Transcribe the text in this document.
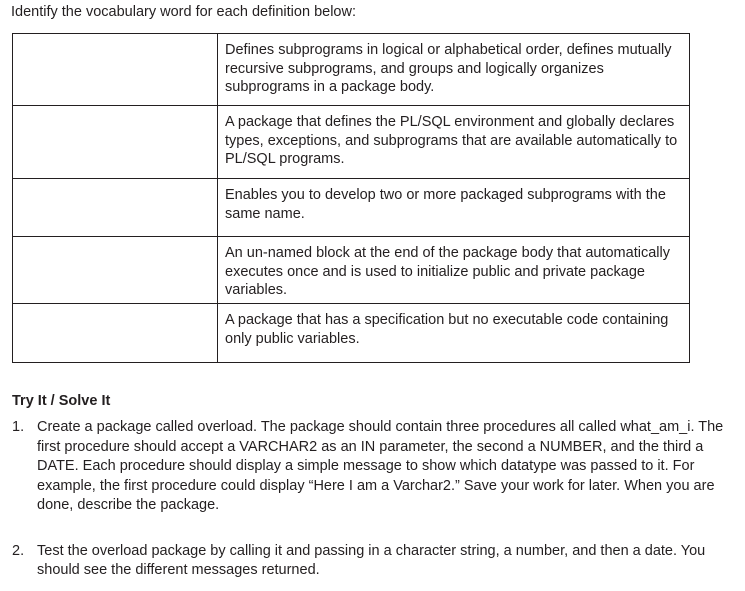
Identify the vocabulary word for each definition below:
	Defines subprograms in logical or alphabetical order, defines mutually recursive subprograms, and groups and logically organizes subprograms in a package body.
	A package that defines the PL/SQL environment and globally declares types, exceptions, and subprograms that are available automatically to PL/SQL programs.
	Enables you to develop two or more packaged subprograms with the same name.
	An un-named block at the end of the package body that automatically executes once and is used to initialize public and private package variables.
	A package that has a specification but no executable code containing only public variables.
Try It / Solve It
1. Create a package called overload. The package should contain three procedures all called what_am_i. The first procedure should accept a VARCHAR2 as an IN parameter, the second a NUMBER, and the third a DATE. Each procedure should display a simple message to show which datatype was passed to it. For example, the first procedure could display “Here I am a Varchar2.” Save your work for later. When you are done, describe the package.
2. Test the overload package by calling it and passing in a character string, a number, and then a date. You should see the different messages returned.
